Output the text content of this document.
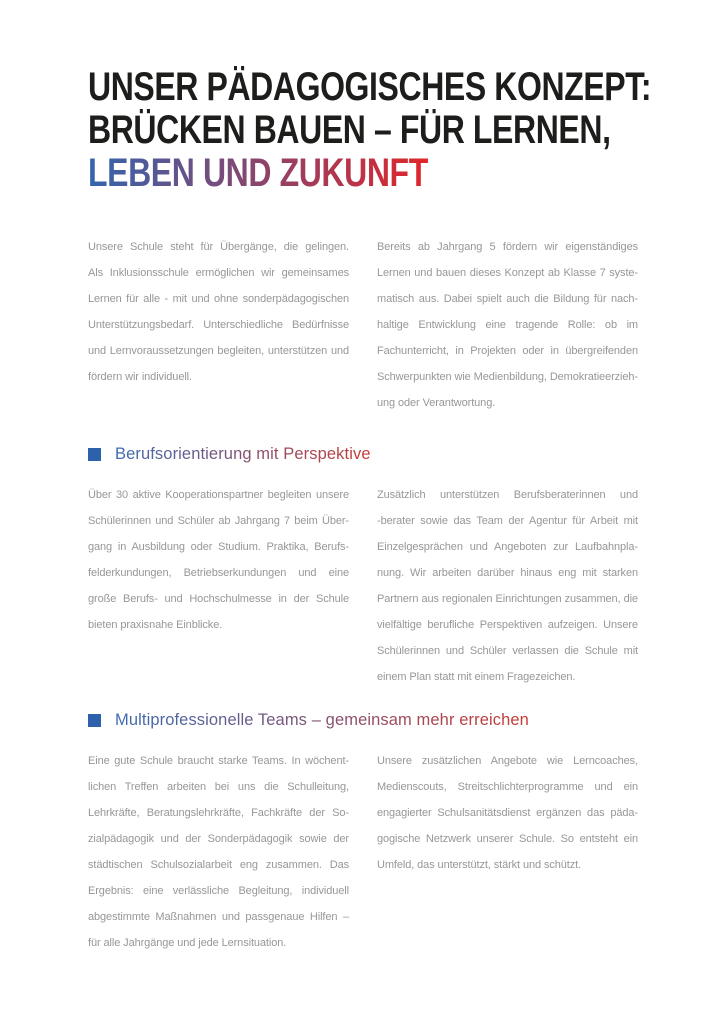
UNSER PÄDAGOGISCHES KONZEPT:
BRÜCKEN BAUEN – FÜR LERNEN,
LEBEN UND ZUKUNFT
Unsere Schule steht für Übergänge, die gelingen.
Als Inklusionsschule ermöglichen wir gemeinsames
Lernen für alle - mit und ohne sonderpädagogischen
Unterstützungsbedarf. Unterschiedliche Bedürfnisse
und Lernvoraussetzungen begleiten, unterstützen und
fördern wir individuell.
Bereits ab Jahrgang 5 fördern wir eigenständiges
Lernen und bauen dieses Konzept ab Klasse 7 syste-
matisch aus. Dabei spielt auch die Bildung für nach-
haltige Entwicklung eine tragende Rolle: ob im
Fachunterricht, in Projekten oder in übergreifenden
Schwerpunkten wie Medienbildung, Demokratieerzieh-
ung oder Verantwortung.
Berufsorientierung mit Perspektive
Über 30 aktive Kooperationspartner begleiten unsere
Schülerinnen und Schüler ab Jahrgang 7 beim Über-
gang in Ausbildung oder Studium. Praktika, Berufs-
felderkundungen, Betriebserkundungen und eine
große Berufs- und Hochschulmesse in der Schule
bieten praxisnahe Einblicke.
Zusätzlich unterstützen Berufsberaterinnen und
-berater sowie das Team der Agentur für Arbeit mit
Einzelgesprächen und Angeboten zur Laufbahnpla-
nung. Wir arbeiten darüber hinaus eng mit starken
Partnern aus regionalen Einrichtungen zusammen, die
vielfältige berufliche Perspektiven aufzeigen. Unsere
Schülerinnen und Schüler verlassen die Schule mit
einem Plan statt mit einem Fragezeichen.
Multiprofessionelle Teams – gemeinsam mehr erreichen
Eine gute Schule braucht starke Teams. In wöchent-
lichen Treffen arbeiten bei uns die Schulleitung,
Lehrkräfte, Beratungslehrkräfte, Fachkräfte der So-
zialpädagogik und der Sonderpädagogik sowie der
städtischen Schulsozialarbeit eng zusammen. Das
Ergebnis: eine verlässliche Begleitung, individuell
abgestimmte Maßnahmen und passgenaue Hilfen –
für alle Jahrgänge und jede Lernsituation.
Unsere zusätzlichen Angebote wie Lerncoaches,
Medienscouts, Streitschlichterprogramme und ein
engagierter Schulsanitätsdienst ergänzen das päda-
gogische Netzwerk unserer Schule. So entsteht ein
Umfeld, das unterstützt, stärkt und schützt.
